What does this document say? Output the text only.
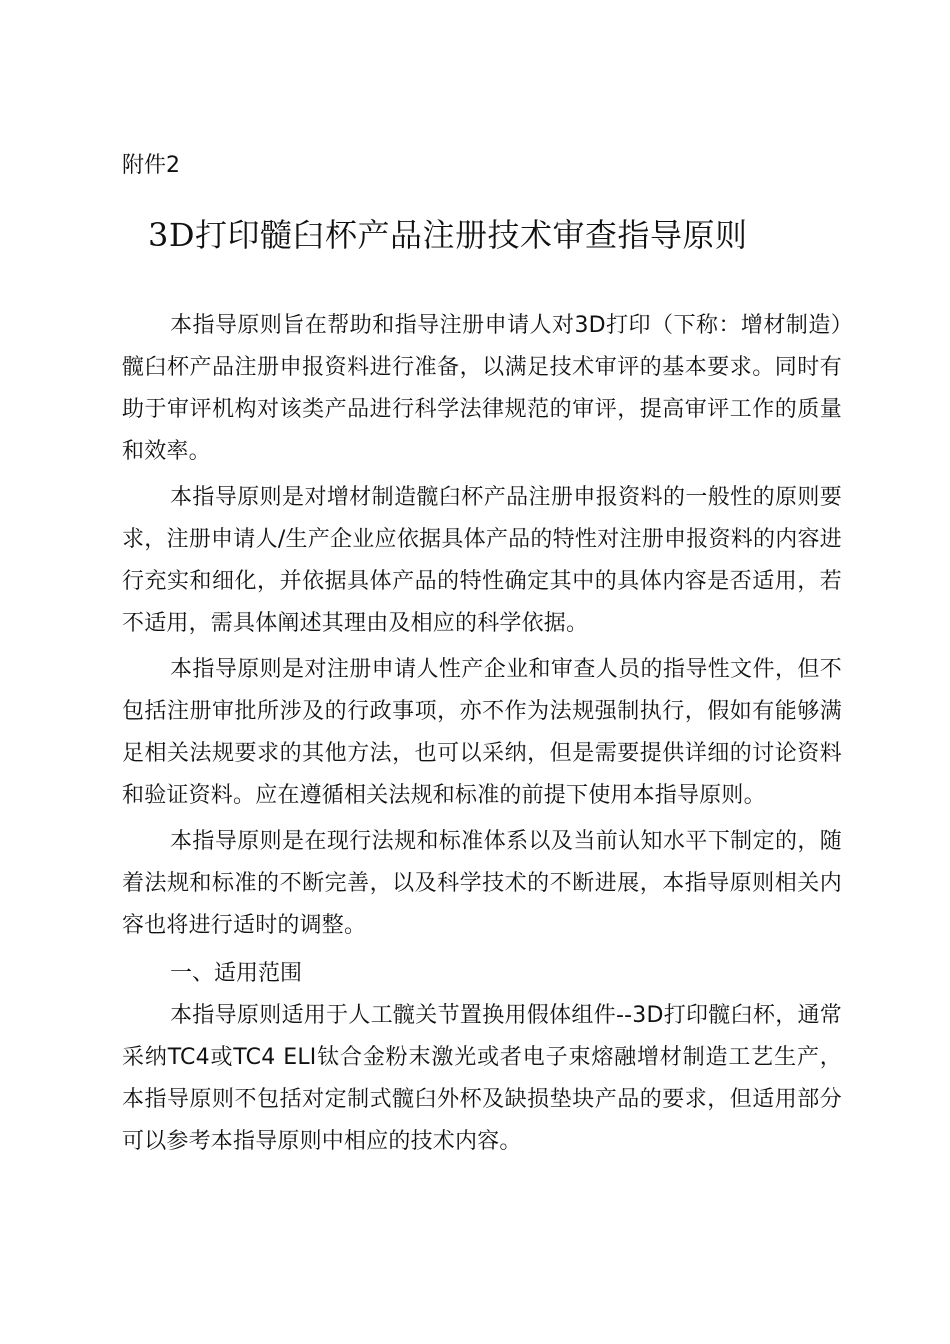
附件2
3D打印髓臼杯产品注册技术审查指导原则

本指导原则旨在帮助和指导注册申请人对3D打印（下称：增材制造）髋臼杯产品注册申报资料进行准备，以满足技术审评的基本要求。同时有助于审评机构对该类产品进行科学法律规范的审评，提高审评工作的质量和效率。

本指导原则是对增材制造髋臼杯产品注册申报资料的一般性的原则要求，注册申请人/生产企业应依据具体产品的特性对注册申报资料的内容进行充实和细化，并依据具体产品的特性确定其中的具体内容是否适用，若不适用，需具体阐述其理由及相应的科学依据。

本指导原则是对注册申请人性产企业和审查人员的指导性文件，但不包括注册审批所涉及的行政事项，亦不作为法规强制执行，假如有能够满足相关法规要求的其他方法，也可以采纳，但是需要提供详细的讨论资料和验证资料。应在遵循相关法规和标准的前提下使用本指导原则。

本指导原则是在现行法规和标准体系以及当前认知水平下制定的，随着法规和标准的不断完善，以及科学技术的不断进展，本指导原则相关内容也将进行适时的调整。

一、适用范围

本指导原则适用于人工髋关节置换用假体组件--3D打印髋臼杯，通常采纳TC4或TC4 ELI钛合金粉末激光或者电子束熔融增材制造工艺生产，本指导原则不包括对定制式髋臼外杯及缺损垫块产品的要求，但适用部分可以参考本指导原则中相应的技术内容。
